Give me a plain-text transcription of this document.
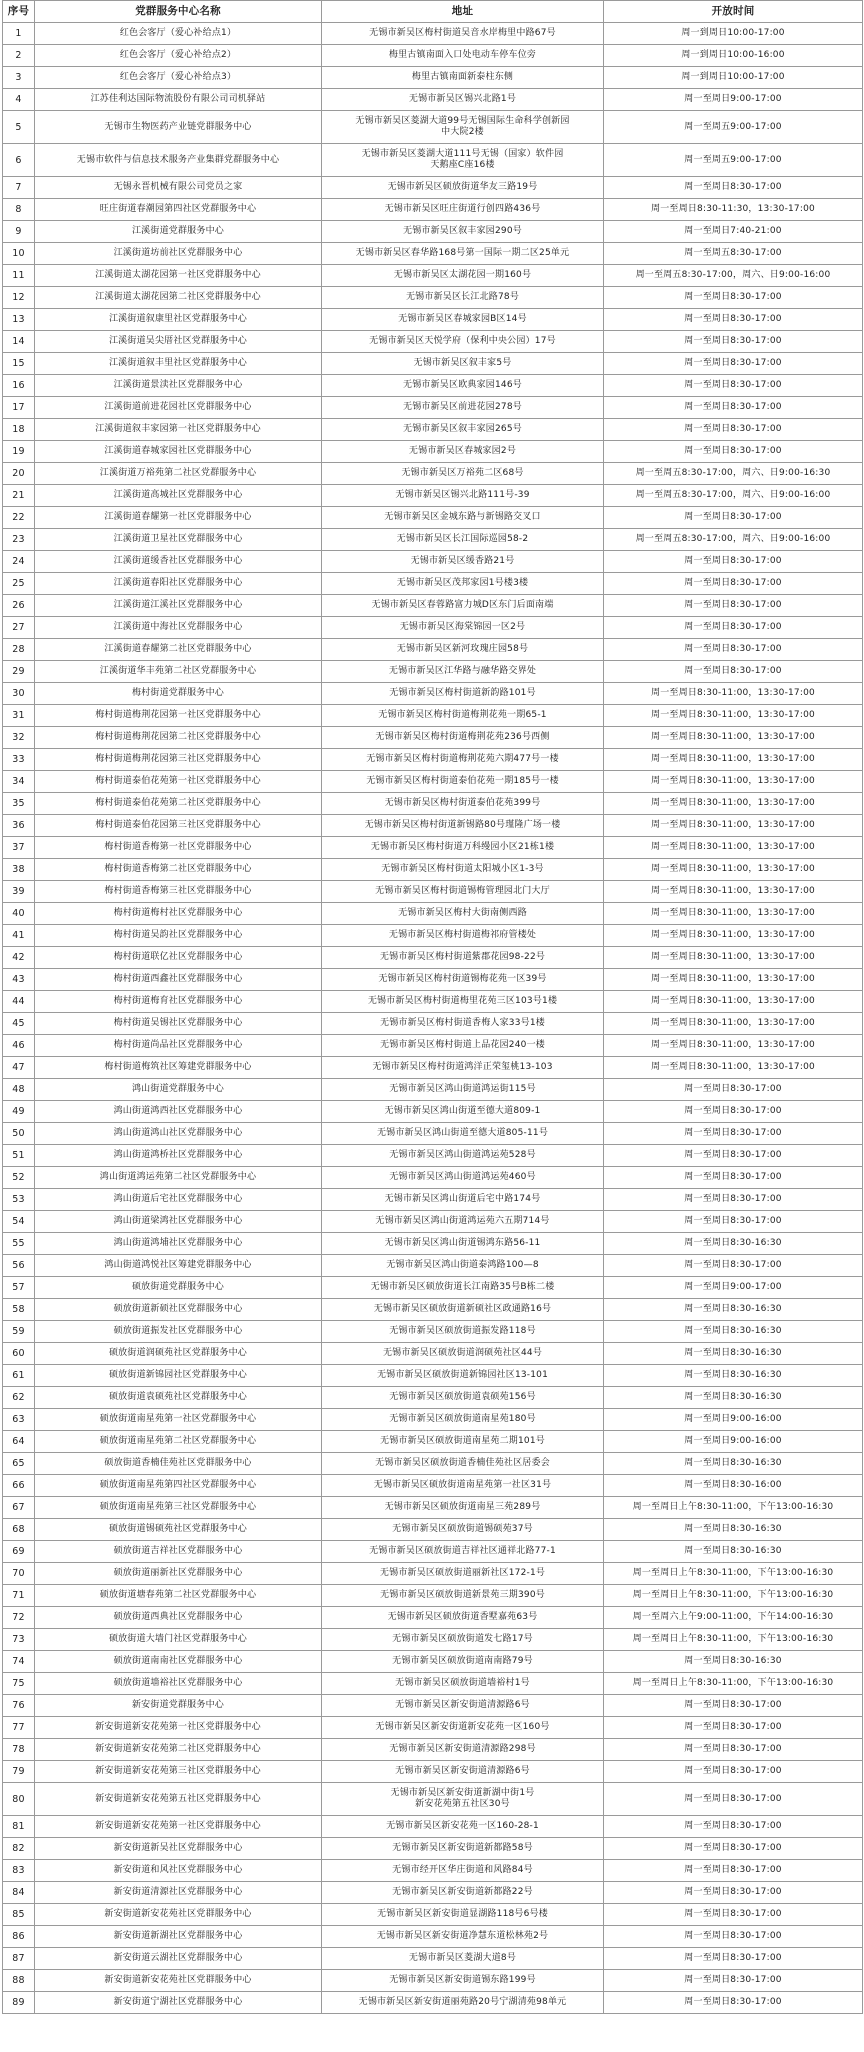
序号	党群服务中心名称	地址	开放时间
1	红色会客厅（爱心补给点1）	无锡市新吴区梅村街道吴音水岸梅里中路67号	周一到周日10:00-17:00
2	红色会客厅（爱心补给点2）	梅里古镇南面入口处电动车停车位旁	周一到周日10:00-16:00
3	红色会客厅（爱心补给点3）	梅里古镇南面新泰柱东侧	周一到周日10:00-17:00
4	江苏佳利达国际物流股份有限公司司机驿站	无锡市新吴区锡兴北路1号	周一至周日9:00-17:00
5	无锡市生物医药产业链党群服务中心	无锡市新吴区菱湖大道99号无锡国际生命科学创新园
中大院2楼	周一至周五9:00-17:00
6	无锡市软件与信息技术服务产业集群党群服务中心	无锡市新吴区菱湖大道111号无锡（国家）软件园
天鹅座C座16楼	周一至周五9:00-17:00
7	无锡永晋机械有限公司党员之家	无锡市新吴区硕放街道华友三路19号	周一至周日8:30-17:00
8	旺庄街道春潮园第四社区党群服务中心	无锡市新吴区旺庄街道行创四路436号	周一至周日8:30-11:30，13:30-17:00
9	江溪街道党群服务中心	无锡市新吴区叙丰家园290号	周一至周日7:40-21:00
10	江溪街道坊前社区党群服务中心	无锡市新吴区春华路168号第一国际一期二区25单元	周一至周五8:30-17:00
11	江溪街道太湖花园第一社区党群服务中心	无锡市新吴区太湖花园一期160号	周一至周五8:30-17:00，周六、日9:00-16:00
12	江溪街道太湖花园第二社区党群服务中心	无锡市新吴区长江北路78号	周一至周日8:30-17:00
13	江溪街道叙康里社区党群服务中心	无锡市新吴区春城家园B区14号	周一至周日8:30-17:00
14	江溪街道吴尖厝社区党群服务中心	无锡市新吴区天悦学府（保利中央公园）17号	周一至周日8:30-17:00
15	江溪街道叙丰里社区党群服务中心	无锡市新吴区叙丰家5号	周一至周日8:30-17:00
16	江溪街道景渎社区党群服务中心	无锡市新吴区欧典家园146号	周一至周日8:30-17:00
17	江溪街道前进花园社区党群服务中心	无锡市新吴区前进花园278号	周一至周日8:30-17:00
18	江溪街道叙丰家园第一社区党群服务中心	无锡市新吴区叙丰家园265号	周一至周日8:30-17:00
19	江溪街道春城家园社区党群服务中心	无锡市新吴区春城家园2号	周一至周日8:30-17:00
20	江溪街道万裕苑第二社区党群服务中心	无锡市新吴区万裕苑二区68号	周一至周五8:30-17:00，周六、日9:00-16:30
21	江溪街道高城社区党群服务中心	无锡市新吴区锡兴北路111号-39	周一至周五8:30-17:00，周六、日9:00-16:00
22	江溪街道春耀第一社区党群服务中心	无锡市新吴区金城东路与新锡路交叉口	周一至周日8:30-17:00
23	江溪街道卫星社区党群服务中心	无锡市新吴区长江国际巡园58-2	周一至周五8:30-17:00，周六、日9:00-16:00
24	江溪街道缓香社区党群服务中心	无锡市新吴区缓香路21号	周一至周日8:30-17:00
25	江溪街道春阳社区党群服务中心	无锡市新吴区茂邦家园1号楼3楼	周一至周日8:30-17:00
26	江溪街道江溪社区党群服务中心	无锡市新吴区春蓉路富力城D区东门后面南端	周一至周日8:30-17:00
27	江溪街道中海社区党群服务中心	无锡市新吴区海棠锦园一区2号	周一至周日8:30-17:00
28	江溪街道春耀第二社区党群服务中心	无锡市新吴区新河玫瑰庄园58号	周一至周日8:30-17:00
29	江溪街道华丰苑第二社区党群服务中心	无锡市新吴区江华路与融华路交界处	周一至周日8:30-17:00
30	梅村街道党群服务中心	无锡市新吴区梅村街道新韵路101号	周一至周日8:30-11:00，13:30-17:00
31	梅村街道梅荆花园第一社区党群服务中心	无锡市新吴区梅村街道梅荆花苑一期65-1	周一至周日8:30-11:00，13:30-17:00
32	梅村街道梅荆花园第二社区党群服务中心	无锡市新吴区梅村街道梅荆花苑236号西侧	周一至周日8:30-11:00，13:30-17:00
33	梅村街道梅荆花园第三社区党群服务中心	无锡市新吴区梅村街道梅荆花苑六期477号一楼	周一至周日8:30-11:00，13:30-17:00
34	梅村街道泰伯花苑第一社区党群服务中心	无锡市新吴区梅村街道泰伯花苑一期185号一楼	周一至周日8:30-11:00，13:30-17:00
35	梅村街道泰伯花苑第二社区党群服务中心	无锡市新吴区梅村街道泰伯花苑399号	周一至周日8:30-11:00，13:30-17:00
36	梅村街道泰伯花园第三社区党群服务中心	无锡市新吴区梅村街道新锡路80号瑾隆广场一楼	周一至周日8:30-11:00，13:30-17:00
37	梅村街道香梅第一社区党群服务中心	无锡市新吴区梅村街道万科缦园小区21栋1楼	周一至周日8:30-11:00，13:30-17:00
38	梅村街道香梅第二社区党群服务中心	无锡市新吴区梅村街道太阳城小区1-3号	周一至周日8:30-11:00，13:30-17:00
39	梅村街道香梅第三社区党群服务中心	无锡市新吴区梅村街道锡梅管理园北门大厅	周一至周日8:30-11:00，13:30-17:00
40	梅村街道梅村社区党群服务中心	无锡市新吴区梅村大街南侧西路	周一至周日8:30-11:00，13:30-17:00
41	梅村街道吴韵社区党群服务中心	无锡市新吴区梅村街道梅祁府管楼处	周一至周日8:30-11:00，13:30-17:00
42	梅村街道联亿社区党群服务中心	无锡市新吴区梅村街道紫郡花园98-22号	周一至周日8:30-11:00，13:30-17:00
43	梅村街道西鑫社区党群服务中心	无锡市新吴区梅村街道锡梅花苑一区39号	周一至周日8:30-11:00，13:30-17:00
44	梅村街道梅育社区党群服务中心	无锡市新吴区梅村街道梅里花苑三区103号1楼	周一至周日8:30-11:00，13:30-17:00
45	梅村街道吴锡社区党群服务中心	无锡市新吴区梅村街道香梅人家33号1楼	周一至周日8:30-11:00，13:30-17:00
46	梅村街道尚品社区党群服务中心	无锡市新吴区梅村街道上品花园240一楼	周一至周日8:30-11:00，13:30-17:00
47	梅村街道梅筑社区筹建党群服务中心	无锡市新吴区梅村街道鸿洋正荣玺桃13-103	周一至周日8:30-11:00，13:30-17:00
48	鸿山街道党群服务中心	无锡市新吴区鸿山街道鸿运街115号	周一至周日8:30-17:00
49	鸿山街道鸿西社区党群服务中心	无锡市新吴区鸿山街道至德大道809-1	周一至周日8:30-17:00
50	鸿山街道鸿山社区党群服务中心	无锡市新吴区鸿山街道至德大道805-11号	周一至周日8:30-17:00
51	鸿山街道鸿桥社区党群服务中心	无锡市新吴区鸿山街道鸿运苑528号	周一至周日8:30-17:00
52	鸿山街道鸿运苑第二社区党群服务中心	无锡市新吴区鸿山街道鸿运苑460号	周一至周日8:30-17:00
53	鸿山街道后宅社区党群服务中心	无锡市新吴区鸿山街道后宅中路174号	周一至周日8:30-17:00
54	鸿山街道梁鸿社区党群服务中心	无锡市新吴区鸿山街道鸿运苑六五期714号	周一至周日8:30-17:00
55	鸿山街道鸿埔社区党群服务中心	无锡市新吴区鸿山街道锡鸿东路56-11	周一至周日8:30-16:30
56	鸿山街道鸿悦社区筹建党群服务中心	无锡市新吴区鸿山街道泰鸿路100—8	周一至周日8:30-17:00
57	硕放街道党群服务中心	无锡市新吴区硕放街道长江南路35号B栋二楼	周一至周日9:00-17:00
58	硕放街道新硕社区党群服务中心	无锡市新吴区硕放街道新硕社区政通路16号	周一至周日8:30-16:30
59	硕放街道振发社区党群服务中心	无锡市新吴区硕放街道振发路118号	周一至周日8:30-16:30
60	硕放街道润硕苑社区党群服务中心	无锡市新吴区硕放街道润硕苑社区44号	周一至周日8:30-16:30
61	硕放街道新锦园社区党群服务中心	无锡市新吴区硕放街道新锦园社区13-101	周一至周日8:30-16:30
62	硕放街道袁硕苑社区党群服务中心	无锡市新吴区硕放街道袁硕苑156号	周一至周日8:30-16:30
63	硕放街道南星苑第一社区党群服务中心	无锡市新吴区硕放街道南星苑180号	周一至周日9:00-16:00
64	硕放街道南星苑第二社区党群服务中心	无锡市新吴区硕放街道南星苑二期101号	周一至周日9:00-16:00
65	硕放街道香楠佳苑社区党群服务中心	无锡市新吴区硕放街道香楠佳苑社区居委会	周一至周日8:30-16:30
66	硕放街道南星苑第四社区党群服务中心	无锡市新吴区硕放街道南星苑第一社区31号	周一至周日8:30-16:00
67	硕放街道南星苑第三社区党群服务中心	无锡市新吴区硕放街道南星三苑289号	周一至周日上午8:30-11:00，下午13:00-16:30
68	硕放街道锡硕苑社区党群服务中心	无锡市新吴区硕放街道锡硕苑37号	周一至周日8:30-16:30
69	硕放街道吉祥社区党群服务中心	无锡市新吴区硕放街道吉祥社区通祥北路77-1	周一至周日8:30-16:30
70	硕放街道丽新社区党群服务中心	无锡市新吴区硕放街道丽新社区172-1号	周一至周日上午8:30-11:00，下午13:00-16:30
71	硕放街道塘春苑第二社区党群服务中心	无锡市新吴区硕放街道新景苑三期390号	周一至周日上午8:30-11:00，下午13:00-16:30
72	硕放街道西典社区党群服务中心	无锡市新吴区硕放街道香墅嘉苑63号	周一至周六上午9:00-11:00，下午14:00-16:30
73	硕放街道大墙门社区党群服务中心	无锡市新吴区硕放街道发七路17号	周一至周日上午8:30-11:00，下午13:00-16:30
74	硕放街道南南社区党群服务中心	无锡市新吴区硕放街道南南路79号	周一至周日8:30-16:30
75	硕放街道墙裕社区党群服务中心	无锡市新吴区硕放街道墙裕村1号	周一至周日上午8:30-11:00，下午13:00-16:30
76	新安街道党群服务中心	无锡市新吴区新安街道清源路6号	周一至周日8:30-17:00
77	新安街道新安花苑第一社区党群服务中心	无锡市新吴区新安街道新安花苑一区160号	周一至周日8:30-17:00
78	新安街道新安花苑第二社区党群服务中心	无锡市新吴区新安街道清源路298号	周一至周日8:30-17:00
79	新安街道新安花苑第三社区党群服务中心	无锡市新吴区新安街道清源路6号	周一至周日8:30-17:00
80	新安街道新安花苑第五社区党群服务中心	无锡市新吴区新安街道新湖中街1号
新安花苑第五社区30号	周一至周日8:30-17:00
81	新安街道新安花苑第一社区党群服务中心	无锡市新吴区新安花苑一区160-28-1	周一至周日8:30-17:00
82	新安街道新吴社区党群服务中心	无锡市新吴区新安街道新都路58号	周一至周日8:30-17:00
83	新安街道和风社区党群服务中心	无锡市经开区华庄街道和风路84号	周一至周日8:30-17:00
84	新安街道清源社区党群服务中心	无锡市新吴区新安街道新都路22号	周一至周日8:30-17:00
85	新安街道新安花苑社区党群服务中心	无锡市新吴区新安街道显湖路118号6号楼	周一至周日8:30-17:00
86	新安街道新湖社区党群服务中心	无锡市新吴区新安街道净慧东道松林苑2号	周一至周日8:30-17:00
87	新安街道云湖社区党群服务中心	无锡市新吴区菱湖大道8号	周一至周日8:30-17:00
88	新安街道新安花苑社区党群服务中心	无锡市新吴区新安街道锡东路199号	周一至周日8:30-17:00
89	新安街道宁湖社区党群服务中心	无锡市新吴区新安街道丽苑路20号宁湖清苑98单元	周一至周日8:30-17:00
